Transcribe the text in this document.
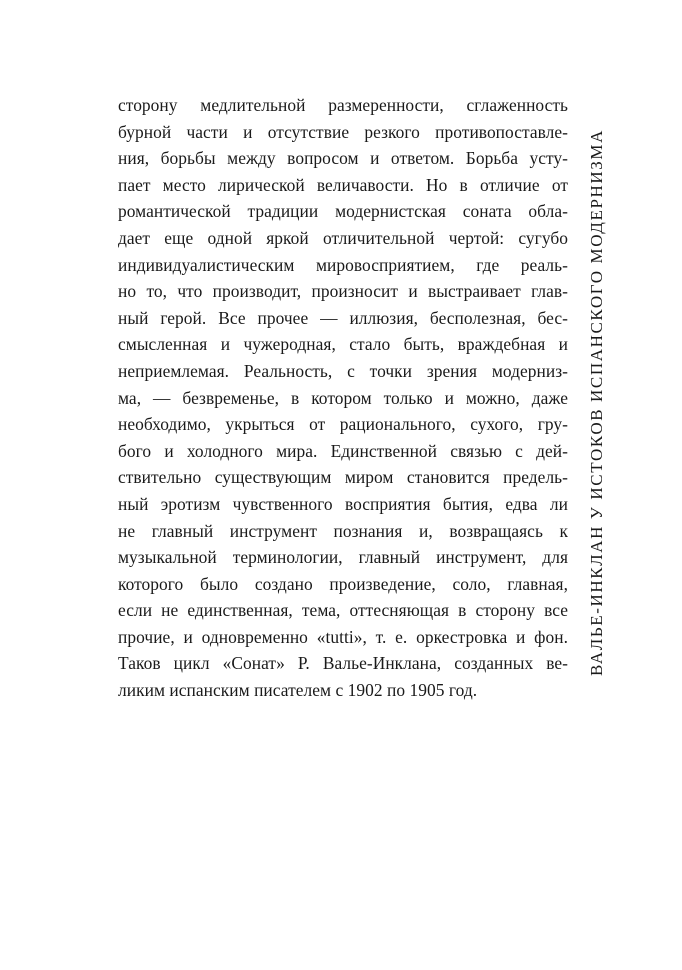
сторону медлительной размеренности, сглаженность
бурной части и отсутствие резкого противопоставле-
ния, борьбы между вопросом и ответом. Борьба усту-
пает место лирической величавости. Но в отличие от
романтической традиции модернистская соната обла-
дает еще одной яркой отличительной чертой: сугубо
индивидуалистическим мировосприятием, где реаль-
но то, что производит, произносит и выстраивает глав-
ный герой. Все прочее — иллюзия, бесполезная, бес-
смысленная и чужеродная, стало быть, враждебная и
неприемлемая. Реальность, с точки зрения модерниз-
ма, — безвременье, в котором только и можно, даже
необходимо, укрыться от рационального, сухого, гру-
бого и холодного мира. Единственной связью с дей-
ствительно существующим миром становится предель-
ный эротизм чувственного восприятия бытия, едва ли
не главный инструмент познания и, возвращаясь к
музыкальной терминологии, главный инструмент, для
которого было создано произведение, соло, главная,
если не единственная, тема, оттесняющая в сторону все
прочие, и одновременно «tutti», т. е. оркестровка и фон.
Таков цикл «Сонат» Р. Валье-Инклана, созданных ве-
ликим испанским писателем с 1902 по 1905 год.
ВАЛЬЕ-ИНКЛАН У ИСТОКОВ ИСПАНСКОГО МОДЕРНИЗМА
